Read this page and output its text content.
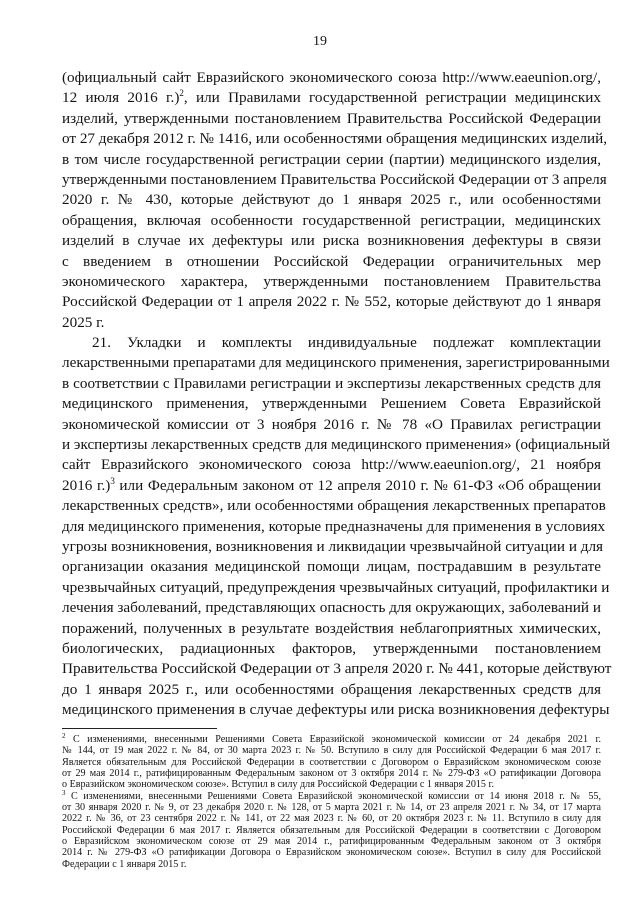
19
(официальный сайт Евразийского экономического союза http://www.eaeunion.org/,
12 июля 2016 г.)$^2$, или Правилами государственной регистрации медицинских
изделий, утвержденными постановлением Правительства Российской Федерации
от 27 декабря 2012 г. № 1416, или особенностями обращения медицинских изделий,
в том числе государственной регистрации серии (партии) медицинского изделия,
утвержденными постановлением Правительства Российской Федерации от 3 апреля
2020 г. № 430, которые действуют до 1 января 2025 г., или особенностями
обращения, включая особенности государственной регистрации, медицинских
изделий в случае их дефектуры или риска возникновения дефектуры в связи
с введением в отношении Российской Федерации ограничительных мер
экономического характера, утвержденными постановлением Правительства
Российской Федерации от 1 апреля 2022 г. № 552, которые действуют до 1 января
2025 г.
21. Укладки и комплекты индивидуальные подлежат комплектации
лекарственными препаратами для медицинского применения, зарегистрированными
в соответствии с Правилами регистрации и экспертизы лекарственных средств для
медицинского применения, утвержденными Решением Совета Евразийской
экономической комиссии от 3 ноября 2016 г. № 78 «О Правилах регистрации
и экспертизы лекарственных средств для медицинского применения» (официальный
сайт Евразийского экономического союза http://www.eaeunion.org/, 21 ноября
2016 г.)$^3$ или Федеральным законом от 12 апреля 2010 г. № 61-ФЗ «Об обращении
лекарственных средств», или особенностями обращения лекарственных препаратов
для медицинского применения, которые предназначены для применения в условиях
угрозы возникновения, возникновения и ликвидации чрезвычайной ситуации и для
организации оказания медицинской помощи лицам, пострадавшим в результате
чрезвычайных ситуаций, предупреждения чрезвычайных ситуаций, профилактики и
лечения заболеваний, представляющих опасность для окружающих, заболеваний и
поражений, полученных в результате воздействия неблагоприятных химических,
биологических, радиационных факторов, утвержденными постановлением
Правительства Российской Федерации от 3 апреля 2020 г. № 441, которые действуют
до 1 января 2025 г., или особенностями обращения лекарственных средств для
медицинского применения в случае дефектуры или риска возникновения дефектуры
$^2$ С изменениями, внесенными Решениями Совета Евразийской экономической комиссии от 24 декабря 2021 г.
№ 144, от 19 мая 2022 г. № 84, от 30 марта 2023 г. № 50. Вступило в силу для Российской Федерации 6 мая 2017 г.
Является обязательным для Российской Федерации в соответствии с Договором о Евразийском экономическом союзе
от 29 мая 2014 г., ратифицированным Федеральным законом от 3 октября 2014 г. № 279-ФЗ «О ратификации Договора
о Евразийском экономическом союзе». Вступил в силу для Российской Федерации с 1 января 2015 г.
$^3$ С изменениями, внесенными Решениями Совета Евразийской экономической комиссии от 14 июня 2018 г. № 55,
от 30 января 2020 г. № 9, от 23 декабря 2020 г. № 128, от 5 марта 2021 г. № 14, от 23 апреля 2021 г. № 34, от 17 марта
2022 г. № 36, от 23 сентября 2022 г. № 141, от 22 мая 2023 г. № 60, от 20 октября 2023 г. № 11. Вступило в силу для
Российской Федерации 6 мая 2017 г. Является обязательным для Российской Федерации в соответствии с Договором
о Евразийском экономическом союзе от 29 мая 2014 г., ратифицированным Федеральным законом от 3 октября
2014 г. № 279-ФЗ «О ратификации Договора о Евразийском экономическом союзе». Вступил в силу для Российской
Федерации с 1 января 2015 г.
